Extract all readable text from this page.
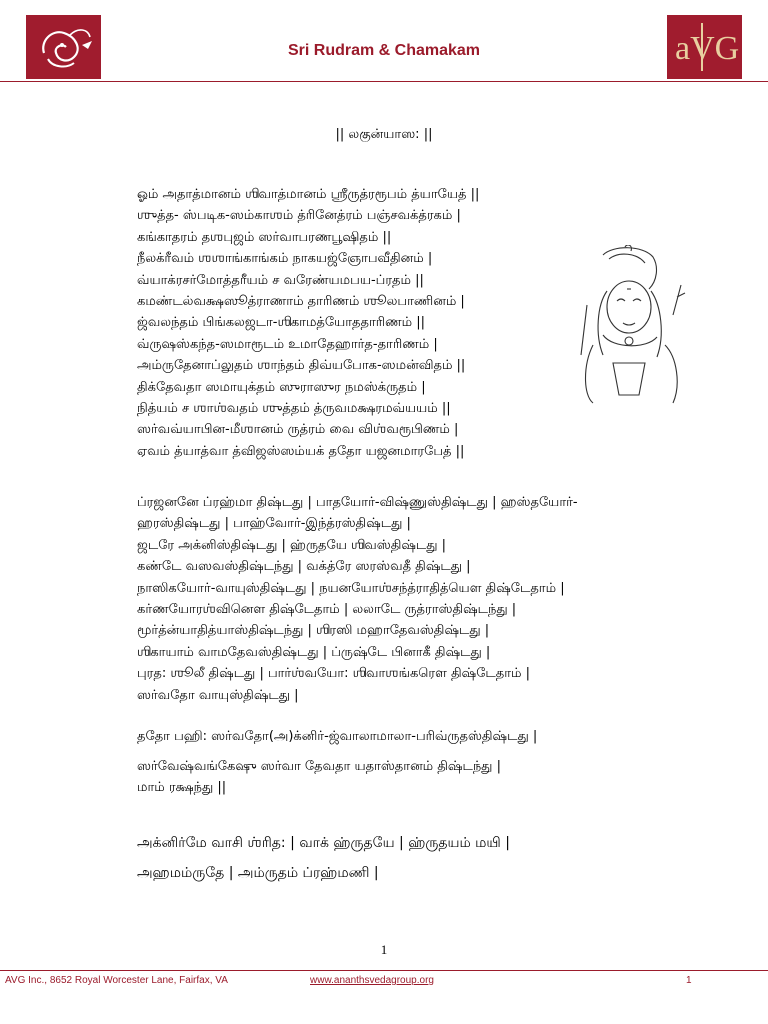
Sri Rudram & Chamakam	aVG
|| லகுன்யாஸ: ||
ஓம் அதாத்மானம் ஶிவாத்மானம் ஶ்ரீருத்ரரூபம் த்யாயேத் ||
ஶுத்த- ஸ்படிக-ஸம்காஶம் த்ரினேத்ரம் பஞ்சவக்த்ரகம் |
கங்காதரம் தஶபுஜம் ஸர்வாபரணபூஷிதம் ||
நீலக்ரீவம் ஶஶாங்காங்கம் நாகயஜ்ஞோபவீதினம் |
வ்யாக்ரசர்மோத்தரீயம் ச வரேண்யமபய-ப்ரதம் ||
கமண்டல்வக்ஷஸூத்ராணாம் தாரிணம் ஶூலபாணினம் |
ஜ்வலந்தம் பிங்கலஜடா-ஶிகாமத்யோததாரிணம் ||
வ்ருஷஸ்கந்த-ஸமாரூடம் உமாதேஹார்த-தாரிணம் |
அம்ருதேனாப்லுதம் ஶாந்தம் திவ்யபோக-ஸமன்விதம் ||
திக்தேவதா ஸமாயுக்தம் ஸுராஸுர நமஸ்க்ருதம் |
நித்யம் ச ஶாஶ்வதம் ஶுத்தம் த்ருவமக்ஷரமவ்யயம் ||
ஸர்வவ்யாபின-மீஶானம் ருத்ரம் வை விஶ்வரூபிணம் |
ஏவம் த்யாத்வா த்விஜஸ்ஸம்யக் ததோ யஜனமாரபேத் ||
ப்ரஜனனே ப்ரஹ்மா திஷ்டது | பாதயோர்-விஷ்ணுஸ்திஷ்டது | ஹஸ்தயோர்-
ஹரஸ்திஷ்டது | பாஹ்வோர்-இந்த்ரஸ்திஷ்டது |
ஜடரே அக்னிஸ்திஷ்டது | ஹ்ருதயே ஶிவஸ்திஷ்டது |
கண்டே வஸவஸ்திஷ்டந்து | வக்த்ரே ஸரஸ்வதீ திஷ்டது |
நாஸிகயோர்-வாயுஸ்திஷ்டது | நயனயோஶ்சந்த்ராதித்யௌ திஷ்டேதாம் |
கர்ணயோரஶ்வினௌ திஷ்டேதாம் | லலாடே ருத்ராஸ்திஷ்டந்து |
மூர்த்ன்யாதித்யாஸ்திஷ்டந்து | ஶிரஸி மஹாதேவஸ்திஷ்டது |
ஶிகாயாம் வாமதேவஸ்திஷ்டது | ப்ருஷ்டே பினாகீ திஷ்டது |
புரத: ஶூலீ திஷ்டது | பார்ஶ்வயோ: ஶிவாஶங்கரௌ திஷ்டேதாம் |
ஸர்வதோ வாயுஸ்திஷ்டது |
ததோ பஹி: ஸர்வதோ(அ)க்னிர்-ஜ்வாலாமாலா-பரிவ்ருதஸ்திஷ்டது |
ஸர்வேஷ்வங்கேஷு ஸர்வா தேவதா யதாஸ்தானம் திஷ்டந்து |
மாம் ரக்ஷந்து ||
அக்னிர்மே வாசி ஶ்ரித: | வாக் ஹ்ருதயே | ஹ்ருதயம் மயி |
அஹமம்ருதே | அம்ருதம் ப்ரஹ்மணி |
1
AVG Inc., 8652 Royal Worcester Lane, Fairfax, VA	www.ananthsvedagroup.org	1
